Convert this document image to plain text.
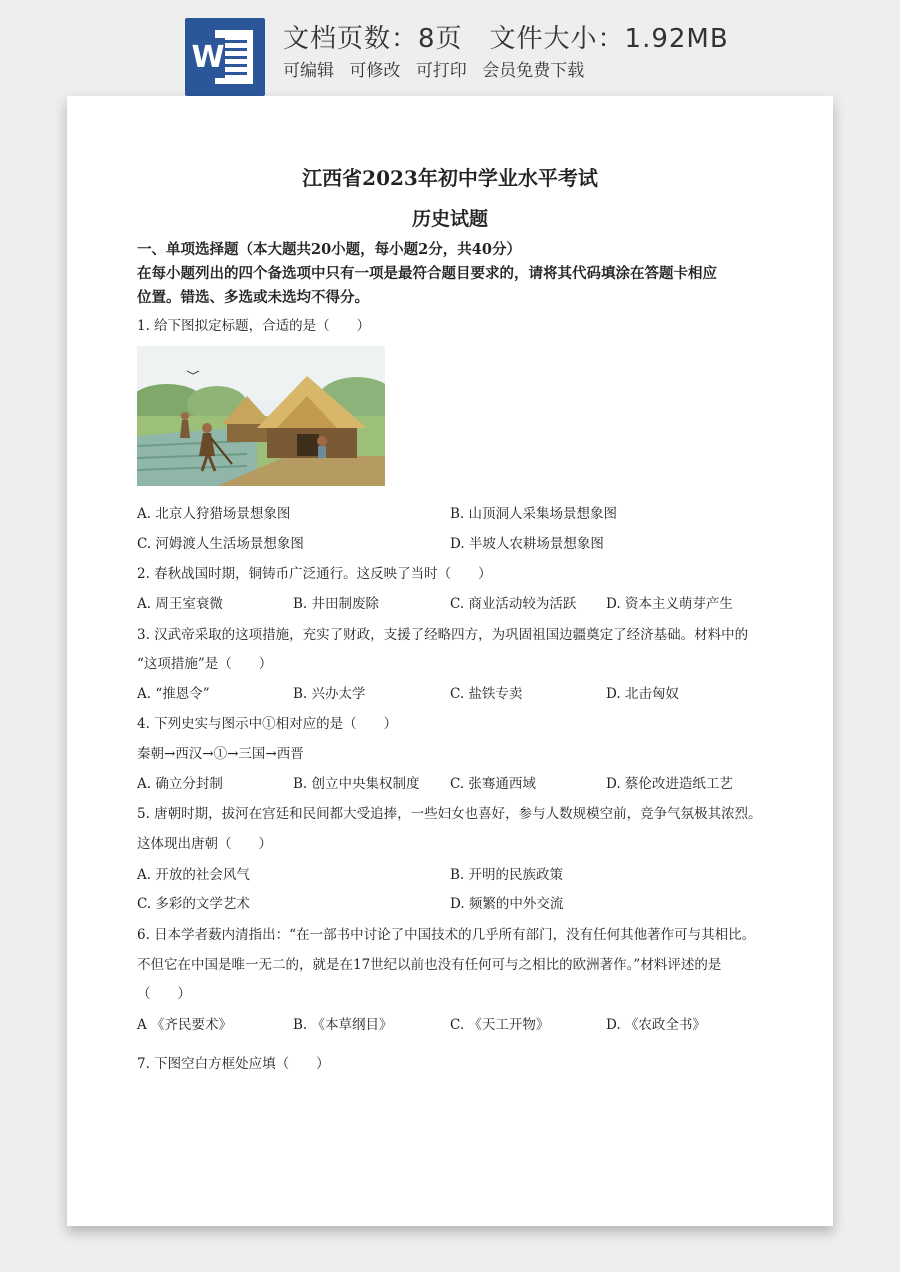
W
文档页数：8页　文件大小：1.92MB
可编辑 可修改 可打印 会员免费下载
江西省2023年初中学业水平考试
历史试题
一、单项选择题（本大题共20小题，每小题2分，共40分）
在每小题列出的四个备选项中只有一项是最符合题目要求的，请将其代码填涂在答题卡相应
位置。错选、多选或未选均不得分。
1. 给下图拟定标题，合适的是（　　）
A. 北京人狩猎场景想象图	B. 山顶洞人采集场景想象图
C. 河姆渡人生活场景想象图	D. 半坡人农耕场景想象图
2. 春秋战国时期，铜铸币广泛通行。这反映了当时（　　）
A. 周王室衰微	B. 井田制废除	C. 商业活动较为活跃 D. 资本主义萌芽产生
3. 汉武帝采取的这项措施，充实了财政，支援了经略四方，为巩固祖国边疆奠定了经济基础。材料中的
“这项措施”是（　　）
A. “推恩令”	B. 兴办太学	C. 盐铁专卖	D. 北击匈奴
4. 下列史实与图示中①相对应的是（　　）
秦朝→西汉→①→三国→西晋
A. 确立分封制	B. 创立中央集权制度 C. 张骞通西域	D. 蔡伦改进造纸工艺
5. 唐朝时期，拔河在宫廷和民间都大受追捧，一些妇女也喜好，参与人数规模空前，竞争气氛极其浓烈。
这体现出唐朝（　　）
A. 开放的社会风气	B. 开明的民族政策
C. 多彩的文学艺术	D. 频繁的中外交流
6. 日本学者薮内清指出：“在一部书中讨论了中国技术的几乎所有部门，没有任何其他著作可与其相比。
不但它在中国是唯一无二的，就是在17世纪以前也没有任何可与之相比的欧洲著作。”材料评述的是
（　　）
A 《齐民要术》	B. 《本草纲目》	C. 《天工开物》	D. 《农政全书》
7. 下图空白方框处应填（　　）
